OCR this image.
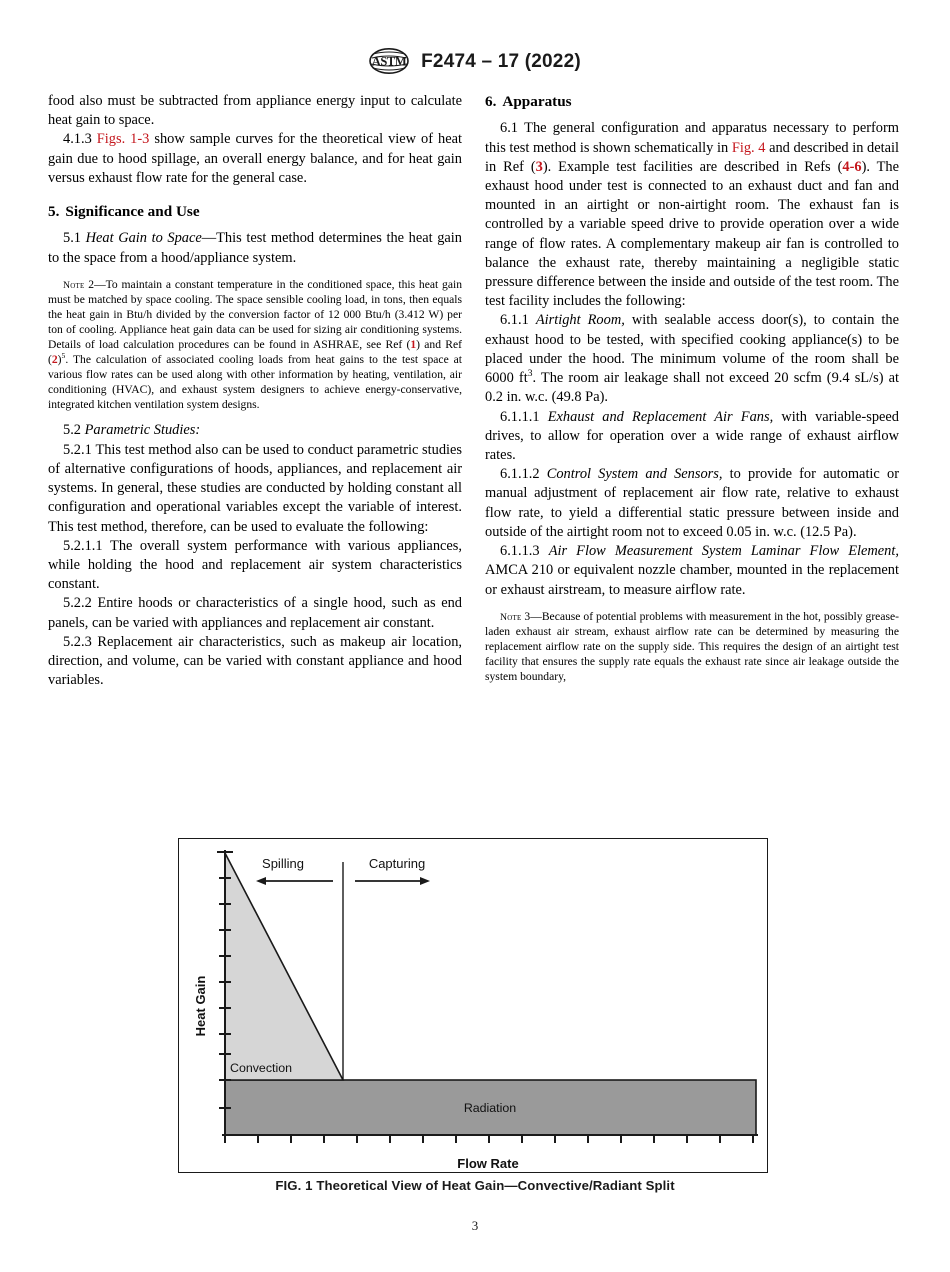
ASTM F2474 – 17 (2022)

food also must be subtracted from appliance energy input to calculate heat gain to space.

4.1.3 Figs. 1-3 show sample curves for the theoretical view of heat gain due to hood spillage, an overall energy balance, and for heat gain versus exhaust flow rate for the general case.

5. Significance and Use

5.1 Heat Gain to Space—This test method determines the heat gain to the space from a hood/appliance system.

Note 2—To maintain a constant temperature in the conditioned space, this heat gain must be matched by space cooling. The space sensible cooling load, in tons, then equals the heat gain in Btu/h divided by the conversion factor of 12 000 Btu/h (3.412 W) per ton of cooling. Appliance heat gain data can be used for sizing air conditioning systems. Details of load calculation procedures can be found in ASHRAE, see Ref (1) and Ref $(2)^5$. The calculation of associated cooling loads from heat gains to the test space at various flow rates can be used along with other information by heating, ventilation, air conditioning (HVAC), and exhaust system designers to achieve energy-conservative, integrated kitchen ventilation system designs.

5.2 Parametric Studies:

5.2.1 This test method also can be used to conduct parametric studies of alternative configurations of hoods, appliances, and replacement air systems. In general, these studies are conducted by holding constant all configuration and operational variables except the variable of interest. This test method, therefore, can be used to evaluate the following:

5.2.1.1 The overall system performance with various appliances, while holding the hood and replacement air system characteristics constant.

5.2.2 Entire hoods or characteristics of a single hood, such as end panels, can be varied with appliances and replacement air constant.

5.2.3 Replacement air characteristics, such as makeup air location, direction, and volume, can be varied with constant appliance and hood variables.

6. Apparatus

6.1 The general configuration and apparatus necessary to perform this test method is shown schematically in Fig. 4 and described in detail in Ref (3). Example test facilities are described in Refs (4-6). The exhaust hood under test is connected to an exhaust duct and fan and mounted in an airtight or non-airtight room. The exhaust fan is controlled by a variable speed drive to provide operation over a wide range of flow rates. A complementary makeup air fan is controlled to balance the exhaust rate, thereby maintaining a negligible static pressure difference between the inside and outside of the test room. The test facility includes the following:

6.1.1 Airtight Room, with sealable access door(s), to contain the exhaust hood to be tested, with specified cooking appliance(s) to be placed under the hood. The minimum volume of the room shall be 6000 $ft^3$. The room air leakage shall not exceed 20 scfm (9.4 sL/s) at 0.2 in. w.c. (49.8 Pa).

6.1.1.1 Exhaust and Replacement Air Fans, with variable-speed drives, to allow for operation over a wide range of exhaust airflow rates.

6.1.1.2 Control System and Sensors, to provide for automatic or manual adjustment of replacement air flow rate, relative to exhaust flow rate, to yield a differential static pressure between inside and outside of the airtight room not to exceed 0.05 in. w.c. (12.5 Pa).

6.1.1.3 Air Flow Measurement System Laminar Flow Element, AMCA 210 or equivalent nozzle chamber, mounted in the replacement or exhaust airstream, to measure airflow rate.

Note 3—Because of potential problems with measurement in the hot, possibly grease-laden exhaust air stream, exhaust airflow rate can be determined by measuring the replacement airflow rate on the supply side. This requires the design of an airtight test facility that ensures the supply rate equals the exhaust rate since air leakage outside the system boundary,

Heat Gain
Flow Rate
Spilling	Capturing
Convection
Radiation
FIG. 1 Theoretical View of Heat Gain—Convective/Radiant Split
3
